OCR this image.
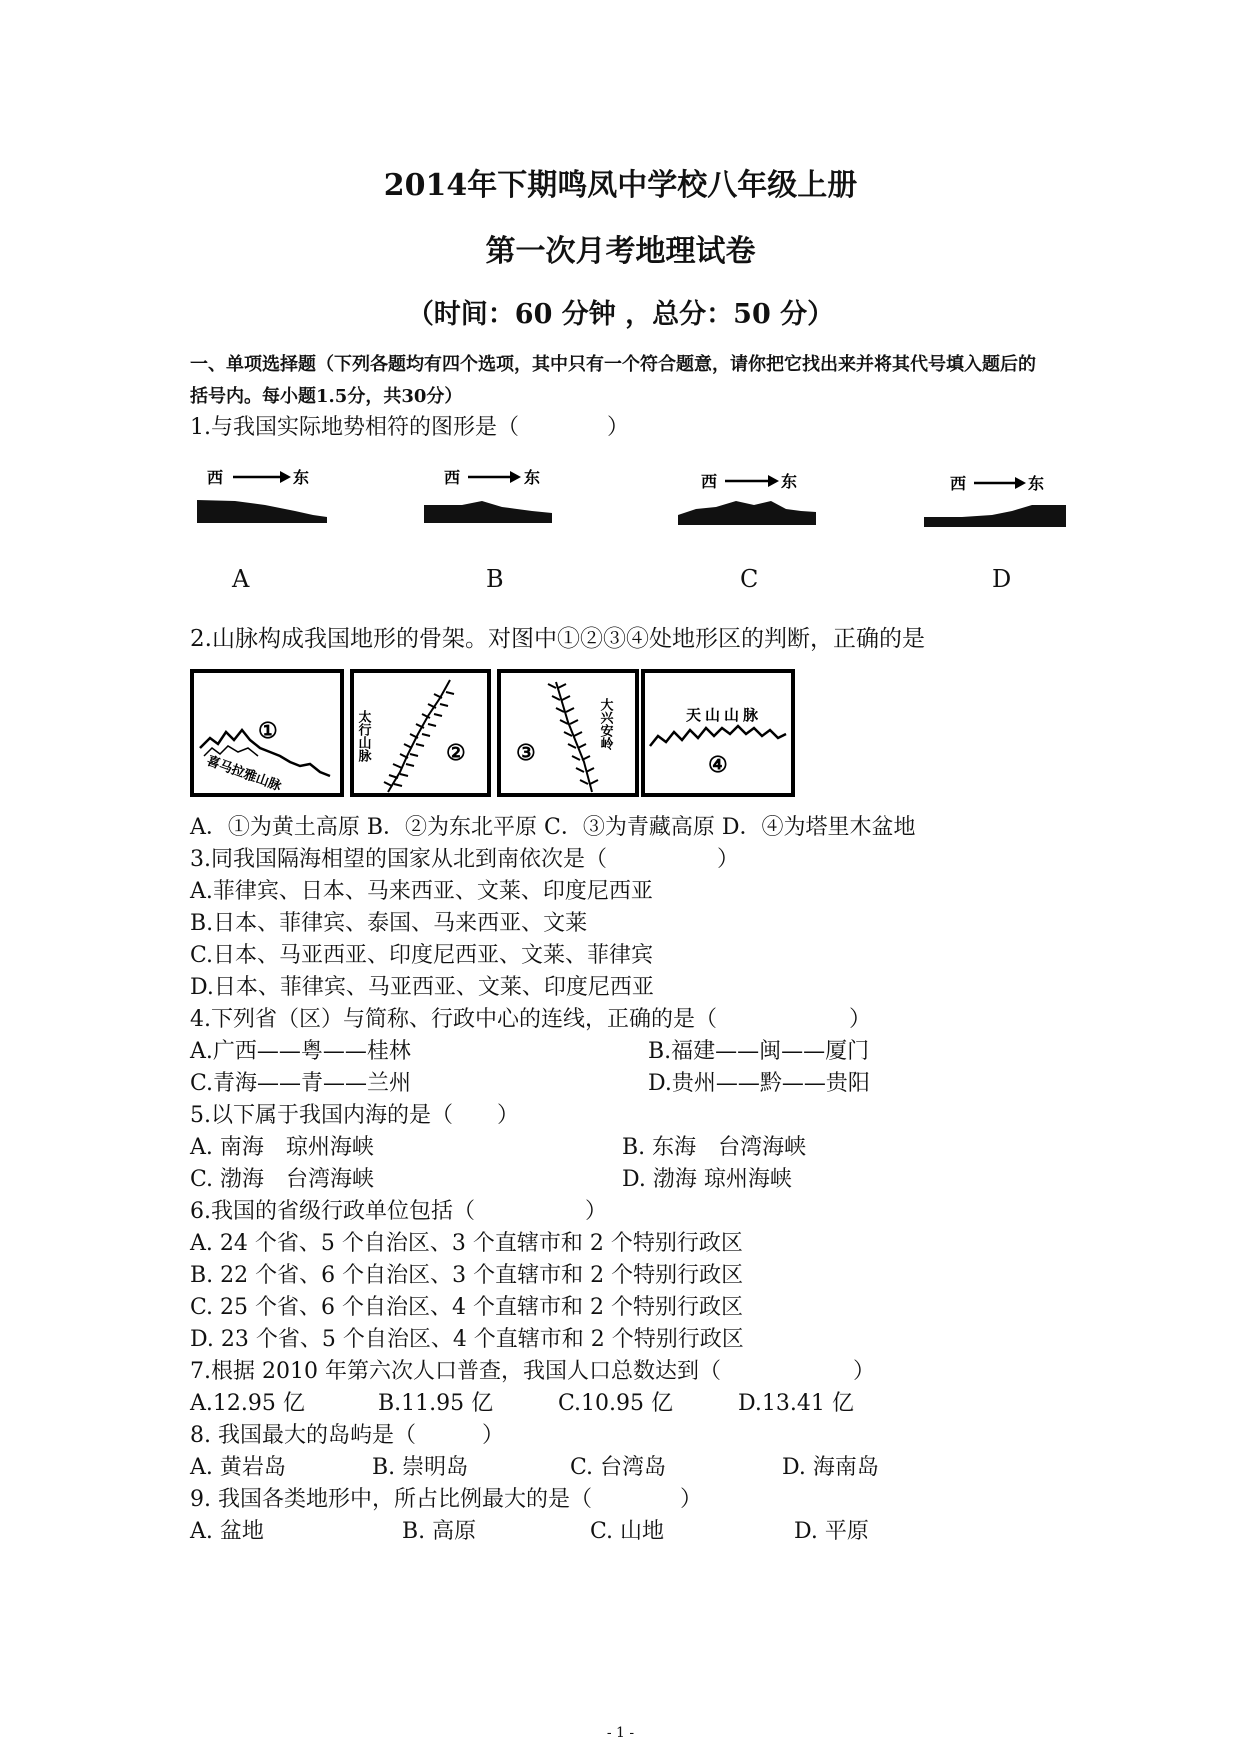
2014年下期鸣凤中学校八年级上册
第一次月考地理试卷
（时间：60 分钟 ，总分：50 分）
一、单项选择题（下列各题均有四个选项，其中只有一个符合题意，请你把它找出来并将其代号填入题后的
括号内。每小题1.5分，共30分）
1.与我国实际地势相符的图形是（　　　　）
西	东
A
西	东
B
西	东
C
西	东
D
2.山脉构成我国地形的骨架。对图中①②③④处地形区的判断，正确的是
喜马拉雅山脉
①	太行山脉	②
大兴安岭
③
天山山脉
④
A．①为黄土高原 B．②为东北平原 C．③为青藏高原 D．④为塔里木盆地
3.同我国隔海相望的国家从北到南依次是（　　　　　）
A.菲律宾、日本、马来西亚、文莱、印度尼西亚
B.日本、菲律宾、泰国、马来西亚、文莱
C.日本、马亚西亚、印度尼西亚、文莱、菲律宾
D.日本、菲律宾、马亚西亚、文莱、印度尼西亚
4.下列省（区）与简称、行政中心的连线，正确的是（　　　　　　）
A.广西——粤——桂林	B.福建——闽——厦门
C.青海——青——兰州	D.贵州——黔——贵阳
5.以下属于我国内海的是（　　）
A. 南海　琼州海峡	B. 东海　台湾海峡
C. 渤海　台湾海峡	D. 渤海 琼州海峡
6.我国的省级行政单位包括（　　　　　）
A. 24 个省、5 个自治区、3 个直辖市和 2 个特别行政区
B. 22 个省、6 个自治区、3 个直辖市和 2 个特别行政区
C. 25 个省、6 个自治区、4 个直辖市和 2 个特别行政区
D. 23 个省、5 个自治区、4 个直辖市和 2 个特别行政区
7.根据 2010 年第六次人口普查，我国人口总数达到（　　　　　　）
A.12.95 亿	B.11.95 亿	C.10.95 亿	D.13.41 亿
8. 我国最大的岛屿是（　　　）
A. 黄岩岛	B. 崇明岛	C. 台湾岛	D. 海南岛
9. 我国各类地形中，所占比例最大的是（　　　　）
A. 盆地	B. 高原	C. 山地	D. 平原
- 1 -
